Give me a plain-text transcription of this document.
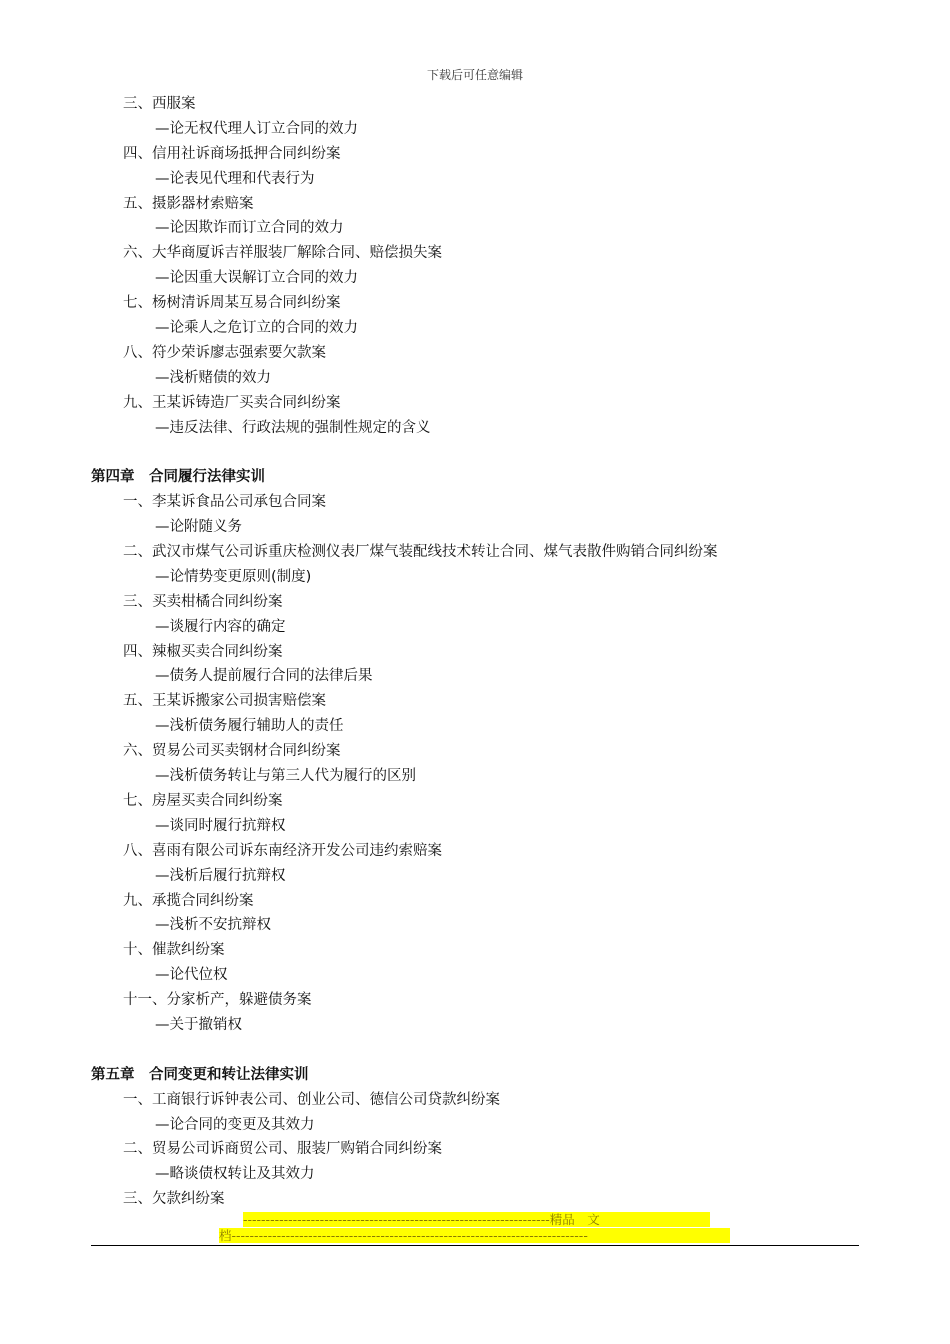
下载后可任意编辑
三、西服案
—论无权代理人订立合同的效力
四、信用社诉商场抵押合同纠纷案
—论表见代理和代表行为
五、摄影器材索赔案
—论因欺诈而订立合同的效力
六、大华商厦诉吉祥服装厂解除合同、赔偿损失案
—论因重大误解订立合同的效力
七、杨树清诉周某互易合同纠纷案
—论乘人之危订立的合同的效力
八、符少荣诉廖志强索要欠款案
—浅析赌债的效力
九、王某诉铸造厂买卖合同纠纷案
—违反法律、行政法规的强制性规定的含义
第四章　合同履行法律实训
一、李某诉食品公司承包合同案
—论附随义务
二、武汉市煤气公司诉重庆检测仪表厂煤气装配线技术转让合同、煤气表散件购销合同纠纷案
—论情势变更原则(制度)
三、买卖柑橘合同纠纷案
—谈履行内容的确定
四、辣椒买卖合同纠纷案
—债务人提前履行合同的法律后果
五、王某诉搬家公司损害赔偿案
—浅析债务履行辅助人的责任
六、贸易公司买卖钢材合同纠纷案
—浅析债务转让与第三人代为履行的区别
七、房屋买卖合同纠纷案
—谈同时履行抗辩权
八、喜雨有限公司诉东南经济开发公司违约索赔案
—浅析后履行抗辩权
九、承揽合同纠纷案
—浅析不安抗辩权
十、催款纠纷案
—论代位权
十一、分家析产，躲避债务案
—关于撤销权
第五章　合同变更和转让法律实训
一、工商银行诉钟表公司、创业公司、德信公司贷款纠纷案
—论合同的变更及其效力
二、贸易公司诉商贸公司、服装厂购销合同纠纷案
—略谈债权转让及其效力
三、欠款纠纷案
--------------------------------------------------------------------精品　文
档-------------------------------------------------------------------------------
